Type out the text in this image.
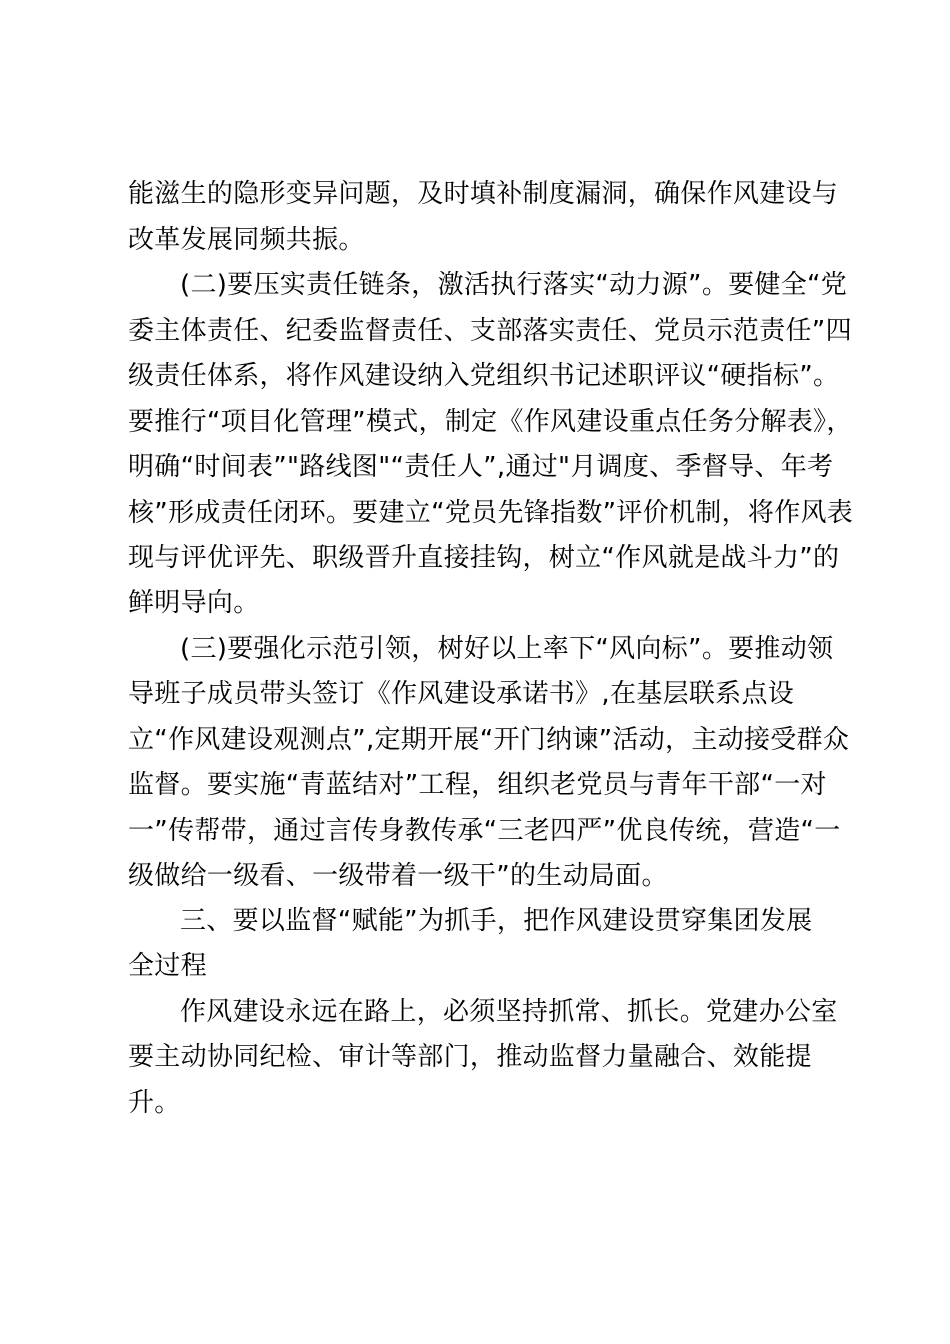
能滋生的隐形变异问题，及时填补制度漏洞，确保作风建设与
改革发展同频共振。
(二)要压实责任链条，激活执行落实“动力源”。要健全“党
委主体责任、纪委监督责任、支部落实责任、党员示范责任”四
级责任体系，将作风建设纳入党组织书记述职评议“硬指标”。
要推行“项目化管理”模式，制定《作风建设重点任务分解表》，
明确“时间表”"路线图"“责任人”,通过"月调度、季督导、年考
核”形成责任闭环。要建立“党员先锋指数”评价机制，将作风表
现与评优评先、职级晋升直接挂钩，树立“作风就是战斗力”的
鲜明导向。
(三)要强化示范引领，树好以上率下“风向标”。要推动领
导班子成员带头签订《作风建设承诺书》,在基层联系点设
立“作风建设观测点”,定期开展“开门纳谏”活动，主动接受群众
监督。要实施“青蓝结对”工程，组织老党员与青年干部“一对
一”传帮带，通过言传身教传承“三老四严”优良传统，营造“一
级做给一级看、一级带着一级干”的生动局面。
三、要以监督“赋能”为抓手，把作风建设贯穿集团发展
全过程
作风建设永远在路上，必须坚持抓常、抓长。党建办公室
要主动协同纪检、审计等部门，推动监督力量融合、效能提
升。
